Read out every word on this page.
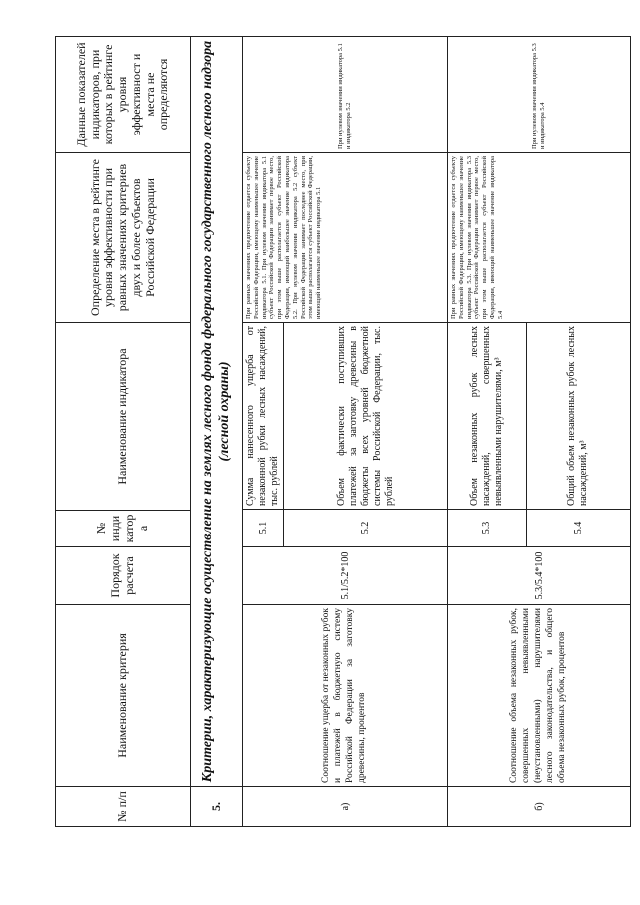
№ п/п	Наименование критерия	Порядок расчета	№ инди катор а	Наименование индикатора	Определение места в рейтинге уровня эффективности при равных значениях критериев двух и более субъектов Российской Федерации	Данные показателей индикаторов, при которых в рейтинге уровня эффективност и места не определяются
5.	Критерии, характеризующие осуществление на землях лесного фонда федерального государственного лесного надзора (лесной охраны)
а)	Соотношение ущерба от незаконных рубок и платежей в бюджетную систему Российской Федерации за заготовку древесины, процентов	5.1/5.2*100	
5.1	Сумма нанесенного ущерба от незаконной рубки лесных насаждений, тыс. рублей
5.2	Объем фактически поступивших платежей за заготовку древесины в бюджеты всех уровней бюджетной системы Российской Федерации, тыс. рублей
	При равных значениях предпочтение отдается субъекту Российской Федерации, имеющему наименьшее значение индикатора 5.1. При нулевом значении индикатора 5.1 субъект Российской Федерации занимает первое место, при этом выше располагается субъект Российской Федерации, имеющий наибольшее значение индикатора 5.2. При нулевом значении индикатора 5.2 субъект Российской Федерации занимает последнее место, при этом выше располагается субъект Российской Федерации, имеющий наименьшее значение индикатора 5.1	При нулевом значении индикатора 5.1 и индикатора 5.2
б)	Соотношение объема незаконных рубок, совершенных невыявленными (неустановленными) нарушителями лесного законодательства, и общего объема незаконных рубок, процентов	5.3/5.4*100	
5.3	Объем незаконных рубок лесных насаждений, совершенных невыявленными нарушителями, м³
5.4	Общий объем незаконных рубок лесных насаждений, м³
	При равных значениях предпочтение отдается субъекту Российской Федерации, имеющему наименьшее значение индикатора 5.3. При нулевом значении индикатора 5.3 субъект Российской Федерации занимает первое место, при этом выше располагается субъект Российской Федерации, имеющий наименьшее значение индикатора 5.4	При нулевом значении индикатора 5.3 и индикатора 5.4
